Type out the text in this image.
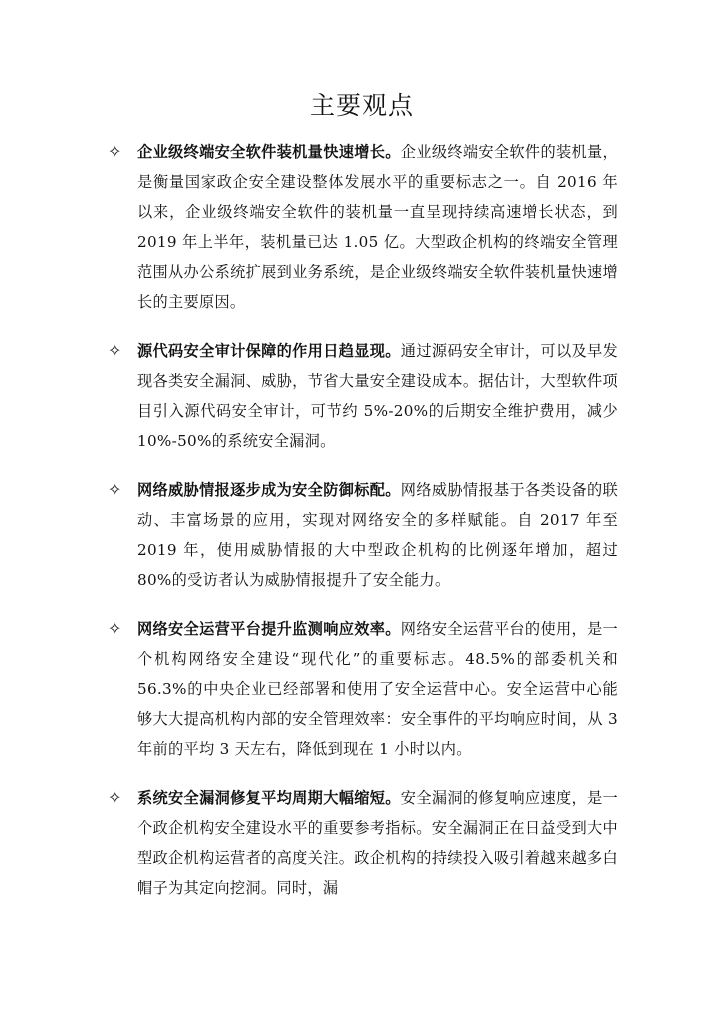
主要观点
✧	企业级终端安全软件装机量快速增长。企业级终端安全软件的装机量，是衡量国家政企安全建设整体发展水平的重要标志之一。自 2016 年以来，企业级终端安全软件的装机量一直呈现持续高速增长状态，到 2019 年上半年，装机量已达 1.05 亿。大型政企机构的终端安全管理范围从办公系统扩展到业务系统，是企业级终端安全软件装机量快速增长的主要原因。
✧	源代码安全审计保障的作用日趋显现。通过源码安全审计，可以及早发现各类安全漏洞、威胁，节省大量安全建设成本。据估计，大型软件项目引入源代码安全审计，可节约 5%-20%的后期安全维护费用，减少 10%-50%的系统安全漏洞。
✧	网络威胁情报逐步成为安全防御标配。网络威胁情报基于各类设备的联动、丰富场景的应用，实现对网络安全的多样赋能。自 2017 年至 2019 年，使用威胁情报的大中型政企机构的比例逐年增加，超过 80%的受访者认为威胁情报提升了安全能力。
✧	网络安全运营平台提升监测响应效率。网络安全运营平台的使用，是一个机构网络安全建设“现代化”的重要标志。48.5%的部委机关和 56.3%的中央企业已经部署和使用了安全运营中心。安全运营中心能够大大提高机构内部的安全管理效率：安全事件的平均响应时间，从 3 年前的平均 3 天左右，降低到现在 1 小时以内。
✧	系统安全漏洞修复平均周期大幅缩短。安全漏洞的修复响应速度，是一个政企机构安全建设水平的重要参考指标。安全漏洞正在日益受到大中型政企机构运营者的高度关注。政企机构的持续投入吸引着越来越多白帽子为其定向挖洞。同时，漏
